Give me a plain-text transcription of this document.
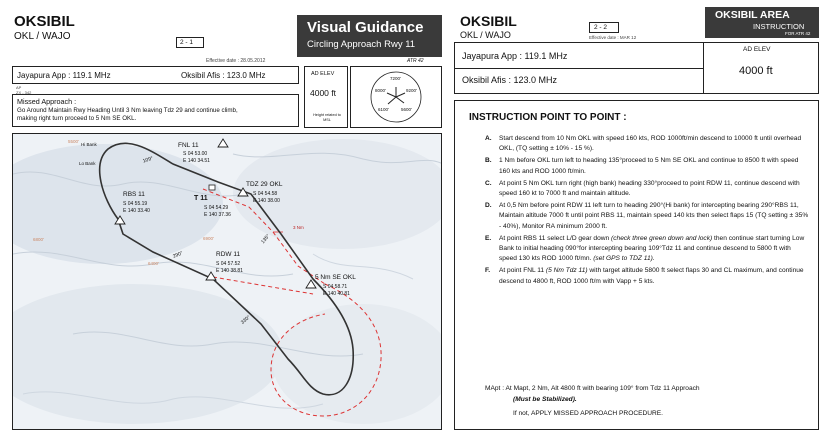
OKSIBIL
OKL / WAJO
2 - 1
Effective date : 28.05.2012
Visual Guidance
Circling Approach Rwy 11
ATR 42
Jayapura App : 119.1 MHz	Oksibil Afis : 123.0 MHz
AP
ZX - 342
AD ELEV
4000 ft
Height related to MSL
7200'
9200'
8000'
5600'
6100'
Missed Approach :
Go Around Maintain Rwy Heading Until 3 Nm leaving Tdz 29 and continue climb,
making right turn proceed to 5 Nm SE OKL.
Hi Bank
Lo Bank	109°
135°
290°
330°
3 Nm
5500'
6800'
6400'
6900'
FNL 11
S 04 53.00
E 140 34.51
RBS 11
S 04 55.19
E 140 33.40
T 11
S 04 54.29
E 140 37.36
TDZ 29 OKL
S 04 54.58
E 140 38.00
RDW 11
S 04 57.52
E 140 38.81
5 Nm SE OKL
S 04 58.71
E 140 40.81
OKSIBIL
OKL / WAJO
2 - 2
Effective date : MAR 12
OKSIBIL AREA
INSTRUCTION
FOR ATR 42
Jayapura App : 119.1 MHz
Oksibil Afis : 123.0 MHz
AD ELEV
4000 ft
INSTRUCTION POINT TO POINT :
A. Start descend from 10 Nm OKL with speed 160 kts, ROD 1000ft/min descend to 10000 ft until overhead OKL, (TQ setting ± 10% - 15 %).
B. 1 Nm before OKL turn left to heading 135°proceed to 5 Nm SE OKL and continue to 8500 ft with speed 160 kts and ROD 1000 ft/min.
C. At point 5 Nm OKL turn right (high bank) heading 330°proceed to point RDW 11, continue descend with speed 160 kt to 7000 ft and maintain altitude.
D. At 0,5 Nm before point RDW 11 left turn to heading 290°(Hi bank) for intercepting bearing 290°RBS 11, Maintain altitude 7000 ft until point RBS 11, maintain speed 140 kts then select flaps 15 (TQ setting ± 35% - 40%), Monitor RA minimum 2000 ft.
E. At point RBS 11 select L/D gear down (check three green down and lock) then continue start turning Low Bank to initial heading 090°for intercepting bearing 109°Tdz 11 and continue descend to 5800 ft with speed 130 kts ROD 1000 ft/mn. (set GPS to TDZ 11).
F. At point FNL 11 (5 Nm Tdz 11) with target altitude 5800 ft select flaps 30 and CL maximum, and continue descend to 4800 ft, ROD 1000 ft/m with Vapp + 5 kts.
MApt : At Mapt, 2 Nm, Alt 4800 ft with bearing 109° from Tdz 11 Approach
(Must be Stabilized).
If not, APPLY MISSED APPROACH PROCEDURE.
